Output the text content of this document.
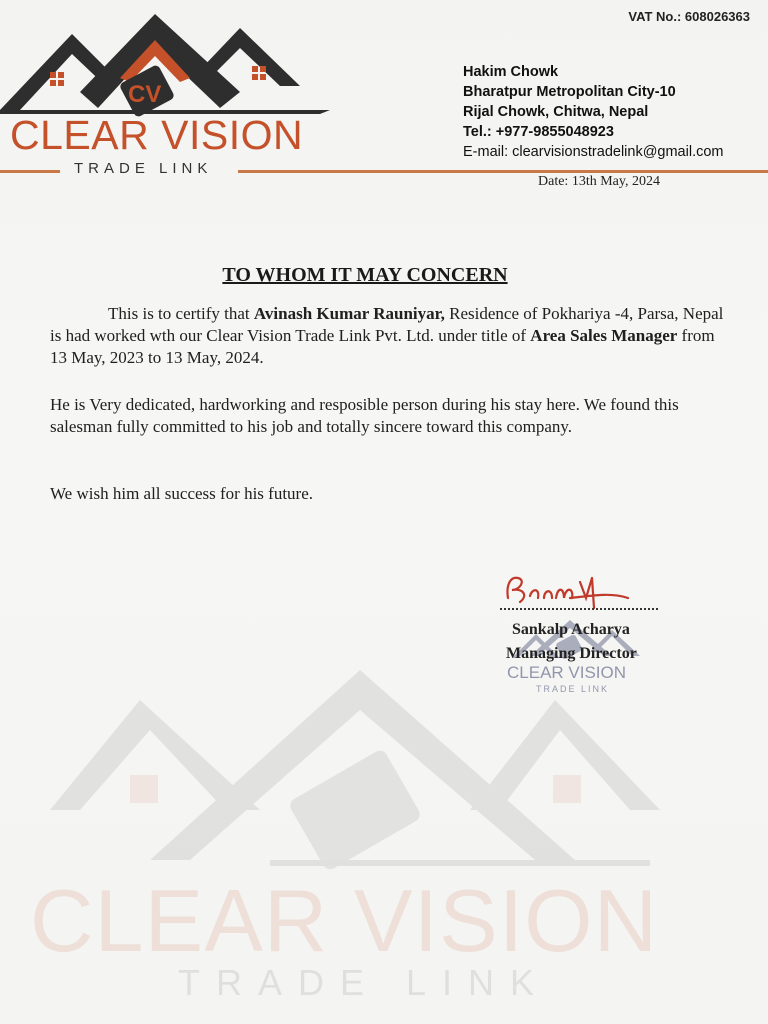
CLEAR VISION
TRADE LINK
VAT No.: 608026363
CV
CLEAR VISION
TRADE LINK
Hakim Chowk
Bharatpur Metropolitan City-10
Rijal Chowk, Chitwa, Nepal
Tel.: +977-9855048923
E-mail: clearvisionstradelink@gmail.com
Date: 13th May, 2024
TO WHOM IT MAY CONCERN
This is to certify that Avinash Kumar Rauniyar, Residence of Pokhariya -4, Parsa, Nepal is had worked wth our Clear Vision Trade Link Pvt. Ltd. under title of Area Sales Manager from 13 May, 2023 to 13 May, 2024.
He is Very dedicated, hardworking and resposible person during his stay here. We found this salesman fully committed to his job and totally sincere toward this company.
We wish him all success for his future.
CLEAR VISION
TRADE LINK
Sankalp Acharya
Managing Director
